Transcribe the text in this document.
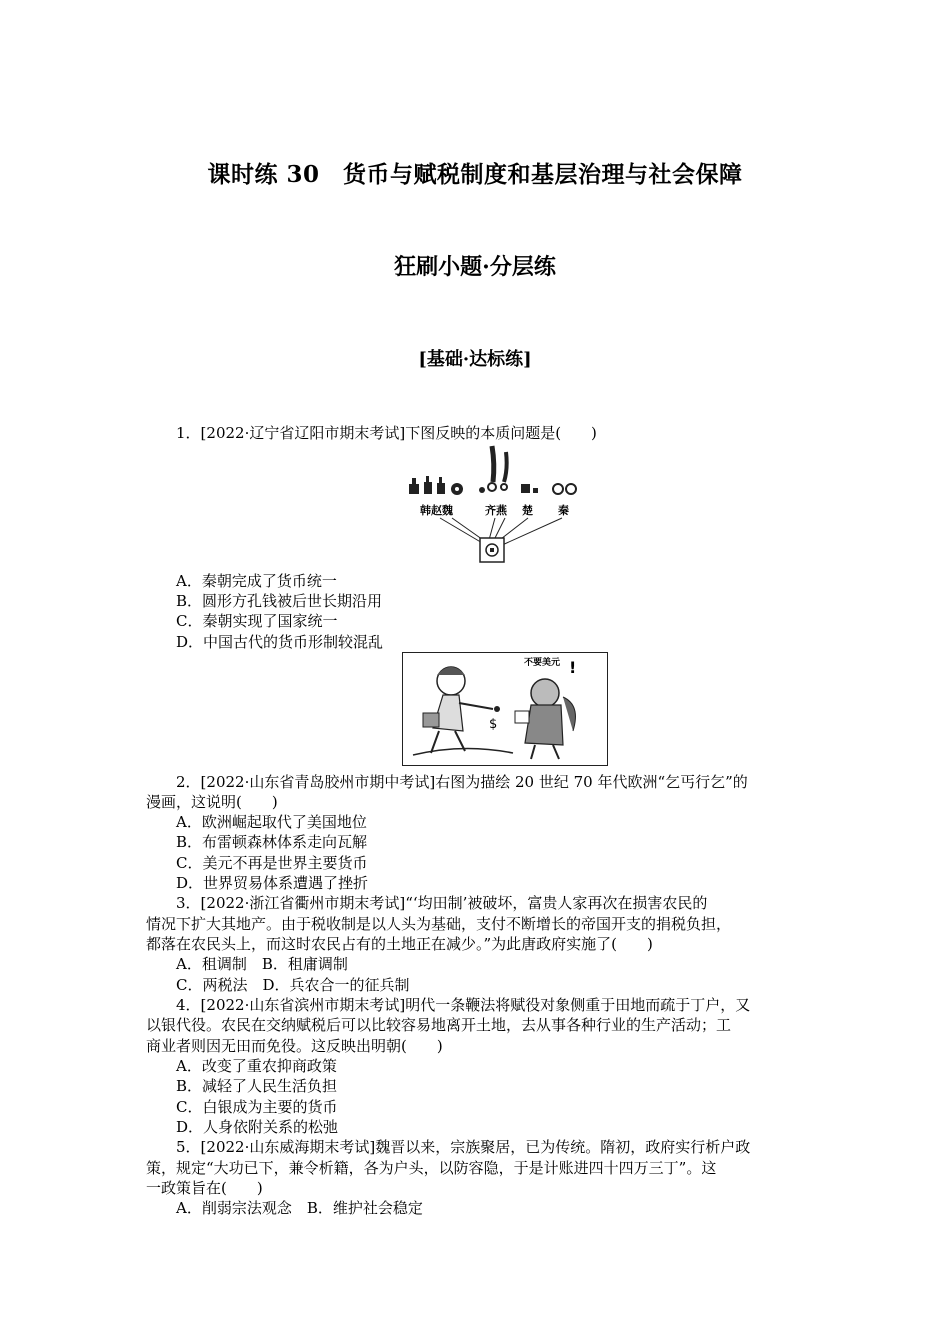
课时练 30　货币与赋税制度和基层治理与社会保障
狂刷小题·分层练
[基础·达标练]
1．[2022·辽宁省辽阳市期末考试]下图反映的本质问题是(　　)
韩赵魏	齐燕 楚 秦
A．秦朝完成了货币统一
B．圆形方孔钱被后世长期沿用
C．秦朝实现了国家统一
D．中国古代的货币形制较混乱
$
不要美元 !
2．[2022·山东省青岛胶州市期中考试]右图为描绘 20 世纪 70 年代欧洲“乞丐行乞”的
漫画，这说明(　　)
A．欧洲崛起取代了美国地位
B．布雷顿森林体系走向瓦解
C．美元不再是世界主要货币
D．世界贸易体系遭遇了挫折
3．[2022·浙江省衢州市期末考试]“‘均田制’被破坏，富贵人家再次在损害农民的
情况下扩大其地产。由于税收制是以人头为基础，支付不断增长的帝国开支的捐税负担，
都落在农民头上，而这时农民占有的土地正在减少。”为此唐政府实施了(　　)
A．租调制　B．租庸调制
C．两税法　D．兵农合一的征兵制
4．[2022·山东省滨州市期末考试]明代一条鞭法将赋役对象侧重于田地而疏于丁户，又
以银代役。农民在交纳赋税后可以比较容易地离开土地，去从事各种行业的生产活动；工
商业者则因无田而免役。这反映出明朝(　　)
A．改变了重农抑商政策
B．减轻了人民生活负担
C．白银成为主要的货币
D．人身依附关系的松弛
5．[2022·山东威海期末考试]魏晋以来，宗族聚居，已为传统。隋初，政府实行析户政
策，规定“大功已下，兼令析籍，各为户头，以防容隐，于是计账进四十四万三丁”。这
一政策旨在(　　)
A．削弱宗法观念　B．维护社会稳定
